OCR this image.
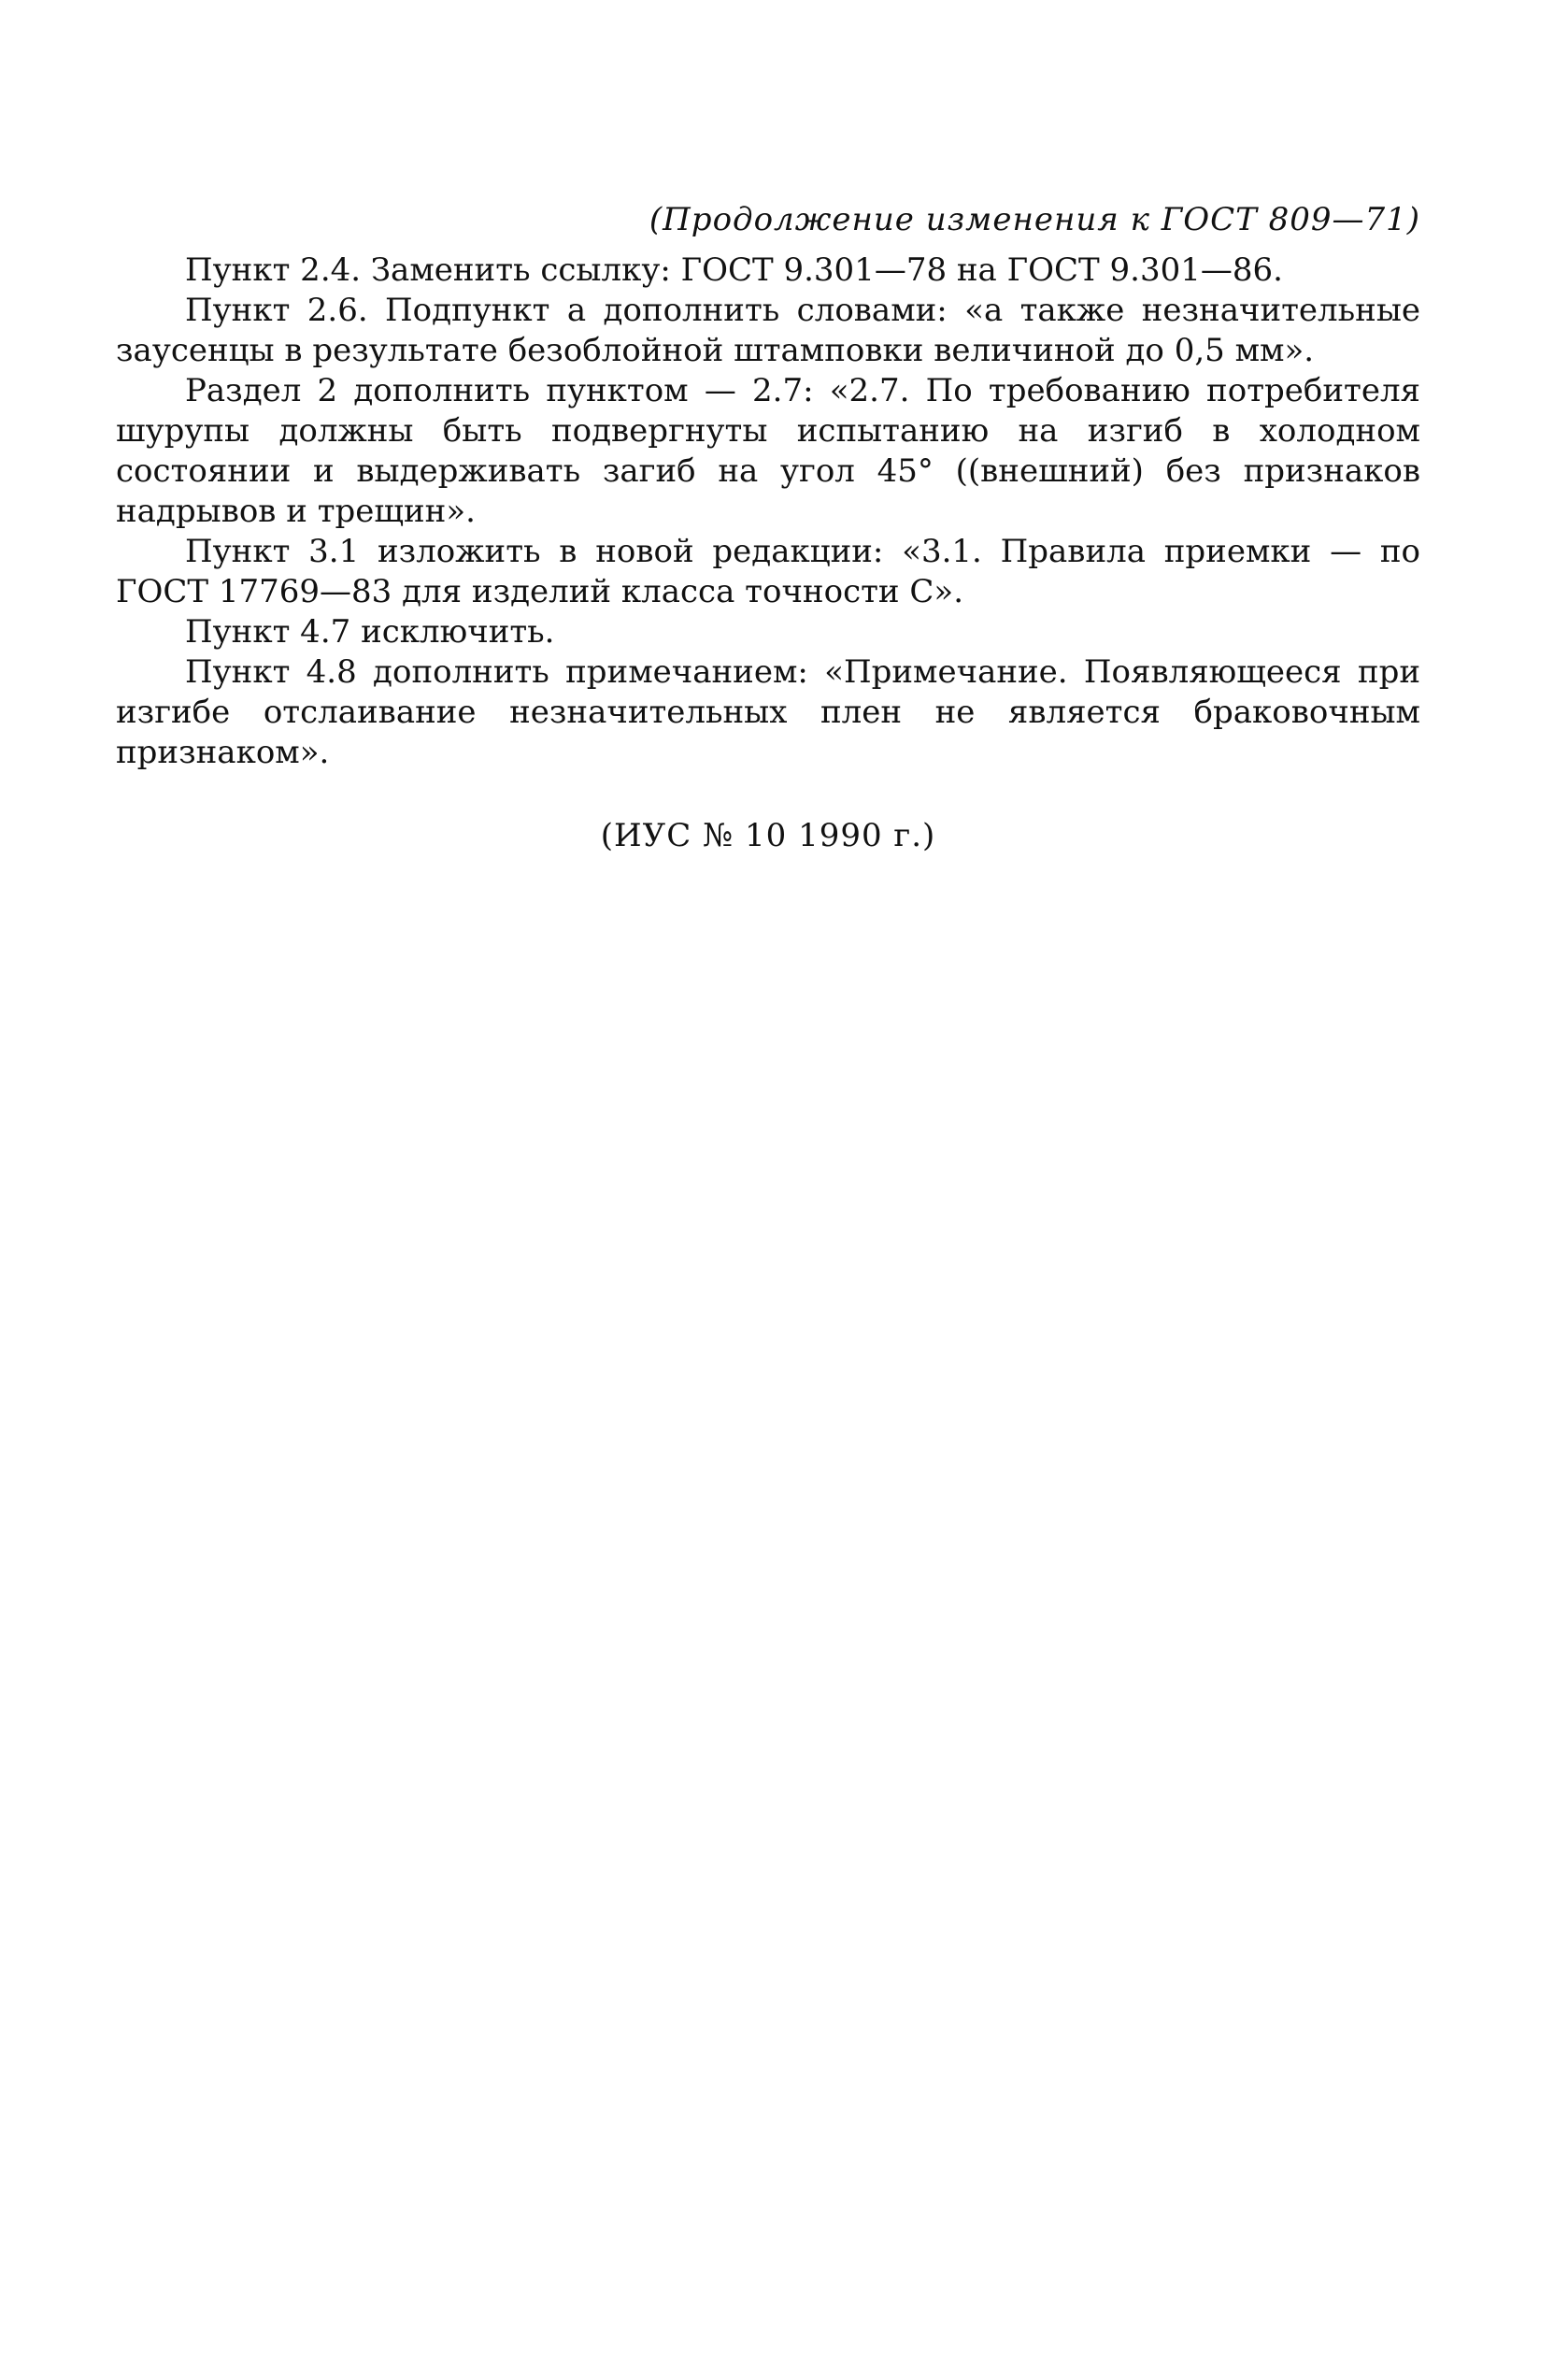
(Продолжение изменения к ГОСТ 809—71)

Пункт 2.4. Заменить ссылку: ГОСТ 9.301—78 на ГОСТ 9.301—86.

Пункт 2.6. Подпункт а дополнить словами: «а также незначительные заусенцы в результате безоблойной штамповки величиной до 0,5 мм».

Раздел 2 дополнить пунктом — 2.7: «2.7. По требованию потребителя шурупы должны быть подвергнуты испытанию на изгиб в холодном состоянии и выдерживать загиб на угол 45° ((внешний) без признаков надрывов и трещин».

Пункт 3.1 изложить в новой редакции: «3.1. Правила приемки — по ГОСТ 17769—83 для изделий класса точности С».

Пункт 4.7 исключить.

Пункт 4.8 дополнить примечанием: «Примечание. Появляющееся при изгибе отслаивание незначительных плен не является браковочным признаком».

(ИУС № 10 1990 г.)
